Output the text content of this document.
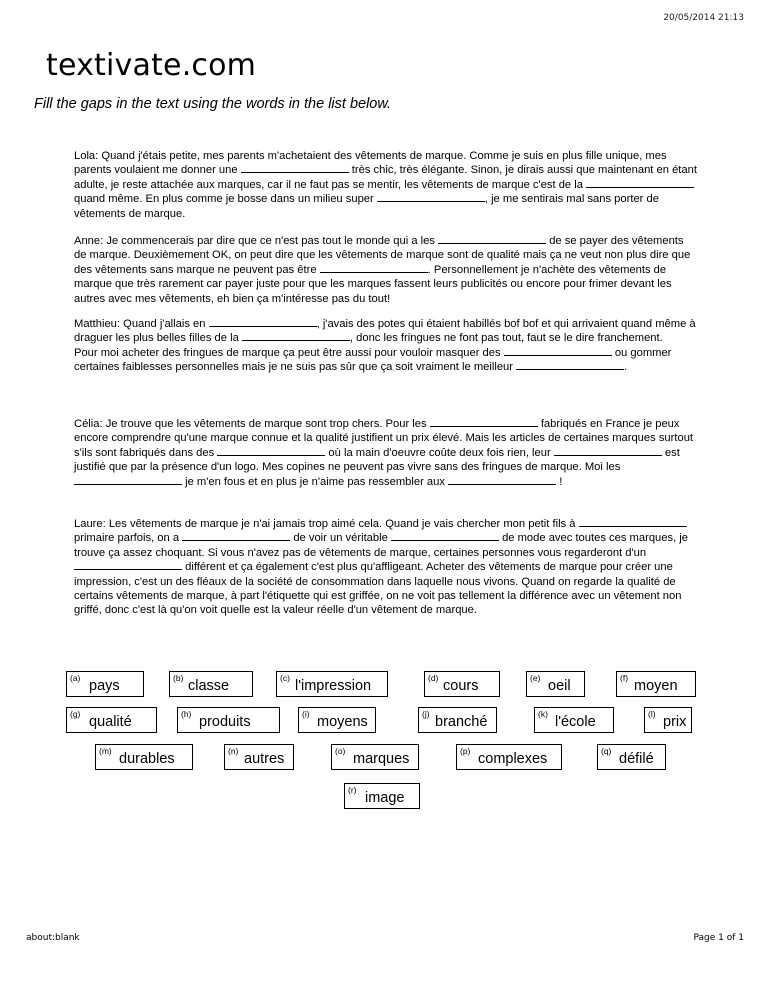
20/05/2014 21:13
textivate.com
Fill the gaps in the text using the words in the list below.

Lola: Quand j'étais petite, mes parents m'achetaient des vêtements de marque. Comme je suis en plus fille unique, mes parents voulaient me donner une	très chic, très élégante. Sinon, je dirais aussi que maintenant en étant adulte, je reste attachée aux marques, car il ne faut pas se mentir, les vêtements de marque c'est de la  quand même. En plus comme je bosse dans un milieu super	, je me sentirais mal sans porter de vêtements de marque.

Anne: Je commencerais par dire que ce n'est pas tout le monde qui a les	de se payer des vêtements de marque. Deuxièmement OK, on peut dire que les vêtements de marque sont de qualité mais ça ne veut non plus dire que des vêtements sans marque ne peuvent pas être	. Personnellement je n'achète des vêtements de marque que très rarement car payer juste pour que les marques fassent leurs publicités ou encore pour frimer devant les autres avec mes vêtements, eh bien ça m'intéresse pas du tout!

Matthieu: Quand j'allais en	, j'avais des potes qui étaient habillés bof bof et qui arrivaient quand même à draguer les plus belles filles de la	, donc les fringues ne font pas tout, faut se le dire franchement.

Pour moi acheter des fringues de marque ça peut être aussi pour vouloir masquer des	ou gommer certaines faiblesses personnelles mais je ne suis pas sûr que ça soit vraiment le meilleur	.

Célia: Je trouve que les vêtements de marque sont trop chers. Pour les	fabriqués en France je peux encore comprendre qu'une marque connue et la qualité justifient un prix élevé. Mais les articles de certaines marques surtout s'ils sont fabriqués dans des	où la main d'oeuvre coûte deux fois rien, leur	est justifié que par la présence d'un logo. Mes copines ne peuvent pas vivre sans des fringues de marque. Moi les  je m'en fous et en plus je n'aime pas ressembler aux	!

Laure: Les vêtements de marque je n'ai jamais trop aimé cela. Quand je vais chercher mon petit fils à  primaire parfois, on a	de voir un véritable	de mode avec toutes ces marques, je trouve ça assez choquant. Si vous n'avez pas de vêtements de marque, certaines personnes vous regarderont d'un  différent et ça également c'est plus qu'affligeant. Acheter des vêtements de marque pour créer une impression, c'est un des fléaux de la société de consommation dans laquelle nous vivons. Quand on regarde la qualité de certains vêtements de marque, à part l'étiquette qui est griffée, on ne voit pas tellement la différence avec un vêtement non griffé, donc c'est là qu'on voit quelle est la valeur réelle d'un vêtement de marque.

(a) pays	(b) classe	(c) l'impression	(d) cours	(e) oeil	(f) moyen
(g) qualité	(h) produits	(i) moyens	(j) branché	(k) l'école	(l) prix
(m) durables	(n) autres	(o) marques	(p) complexes	(q) défilé
(r) image
about:blank	Page 1 of 1
